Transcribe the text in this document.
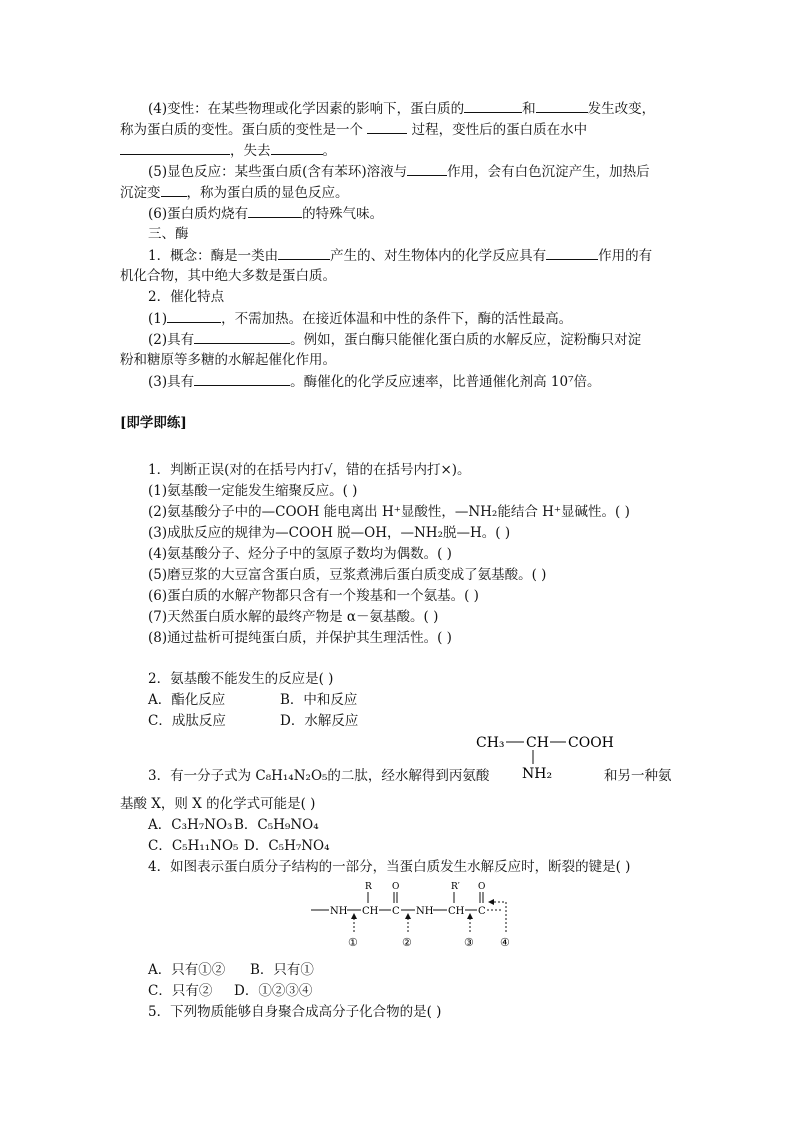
(4)变性：在某些物理或化学因素的影响下，蛋白质的	和	发生改变，
称为蛋白质的变性。蛋白质的变性是一个	过程，变性后的蛋白质在水中
，失去	。
(5)显色反应：某些蛋白质(含有苯环)溶液与	作用，会有白色沉淀产生，加热后
沉淀变 ，称为蛋白质的显色反应。
(6)蛋白质灼烧有	的特殊气味。
三、酶
1．概念：酶是一类由	产生的、对生物体内的化学反应具有	作用的有
机化合物，其中绝大多数是蛋白质。
2．催化特点
(1)	，不需加热。在接近体温和中性的条件下，酶的活性最高。
(2)具有	。例如，蛋白酶只能催化蛋白质的水解反应，淀粉酶只对淀
粉和糖原等多糖的水解起催化作用。
(3)具有	。酶催化的化学反应速率，比普通催化剂高 10⁷倍。
[即学即练]
1．判断正误(对的在括号内打√，错的在括号内打×)。
(1)氨基酸一定能发生缩聚反应。( )
(2)氨基酸分子中的—COOH 能电离出 H⁺显酸性，—NH₂能结合 H⁺显碱性。( )
(3)成肽反应的规律为—COOH 脱—OH，—NH₂脱—H。( )
(4)氨基酸分子、烃分子中的氢原子数均为偶数。( )
(5)磨豆浆的大豆富含蛋白质，豆浆煮沸后蛋白质变成了氨基酸。( )
(6)蛋白质的水解产物都只含有一个羧基和一个氨基。( )
(7)天然蛋白质水解的最终产物是 α－氨基酸。( )
(8)通过盐析可提纯蛋白质，并保护其生理活性。( )
2．氨基酸不能发生的反应是( )
A．酯化反应	B．中和反应
C．成肽反应	D．水解反应
CH₃ CH COOH
NH₂
3．有一分子式为 C₈H₁₄N₂O₅的二肽，经水解得到丙氨酸	和另一种氨
基酸 X，则 X 的化学式可能是( )
A．C₃H₇NO₃ B．C₅H₉NO₄
C．C₅H₁₁NO₅ D．C₅H₇NO₄
4．如图表示蛋白质分子结构的一部分，当蛋白质发生水解反应时，断裂的键是( )
NH CH C NH CH C
R	R′
O	O
①	②	③ ④
A．只有①② B．只有①
C．只有② D．①②③④
5．下列物质能够自身聚合成高分子化合物的是( )
